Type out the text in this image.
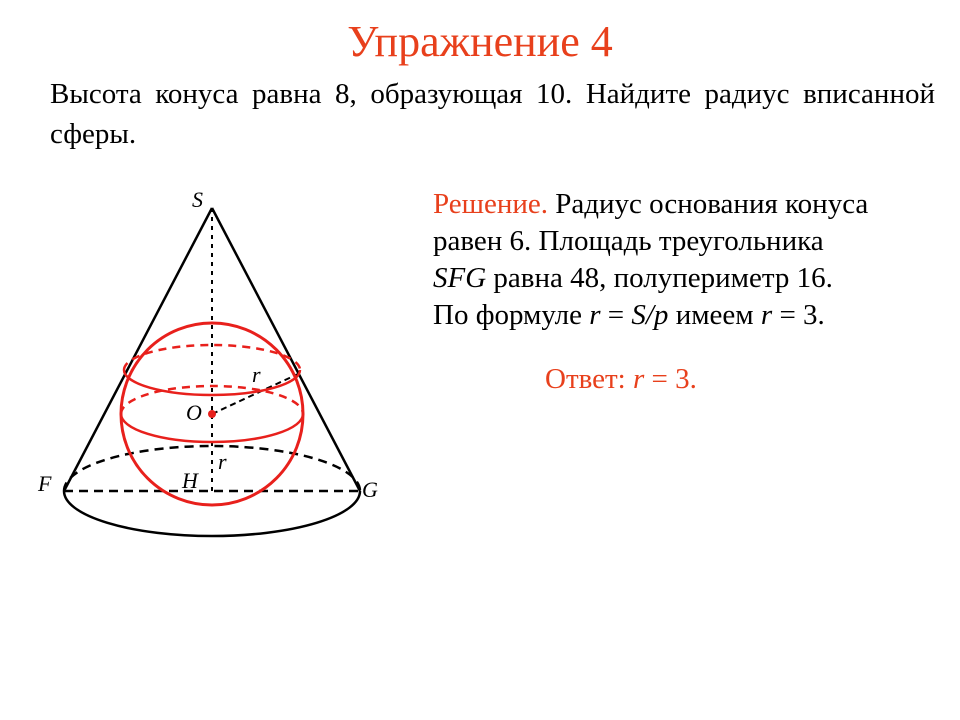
Упражнение 4
Высота конуса равна 8, образующая 10. Найдите радиус вписанной сферы.
S
O
H
F	G
r
r
Решение. Радиус основания конуса
равен 6. Площадь треугольника
SFG равна 48, полупериметр 16.
По формуле r = S/p имеем r = 3.
Ответ: r = 3.
